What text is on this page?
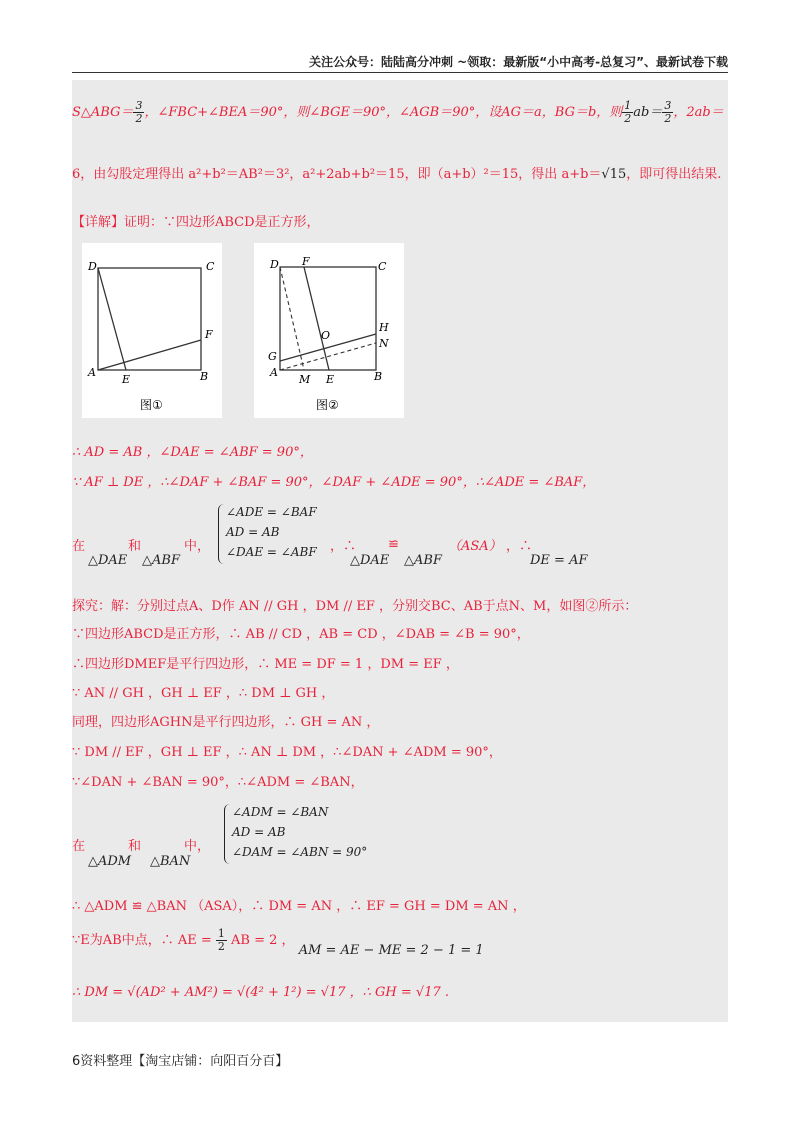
关注公众号：陆陆高分冲刺 ~领取：最新版“小中高考-总复习”、最新试卷下载
S△ABG＝ $\frac{3}{2}$ ，∠FBC+∠BEA＝90°，则∠BGE＝90°，∠AGB＝90°，设AG＝a，BG＝b，则 $\frac{1}{2} ab= \frac{3}{2}$ ，2ab＝
6，由勾股定理得出 a²+b²＝AB²＝3²，a²+2ab+b²＝15，即（a+b）²＝15，得出 a+b＝√15，即可得出结果.
【详解】证明：∵四边形ABCD是正方形，
D	C
F
A
E	B
图①
D F	C
H
O
N
G
A
M E	B
图②
∴ AD = AB ，∠DAE = ∠ABF = 90°，
∵ AF ⊥ DE ，∴∠DAF + ∠BAF = 90°，∠DAF + ∠ADE = 90°，∴∠ADE = ∠BAF，
在	和	中，
△DAE △ABF
∠ADE = ∠BAF
AD = AB
∠DAE = ∠ABF ，∴
△DAE
≌
△ABF
（ASA） ，∴
DE = AF
探究：解：分别过点A、D作 AN // GH ，DM // EF ，分别交BC、AB于点N、M，如图②所示：
∵四边形ABCD是正方形，∴ AB // CD ，AB = CD ，∠DAB = ∠B = 90°，
∴四边形DMEF是平行四边形，∴ ME = DF = 1 ，DM = EF ，
∵ AN // GH ，GH ⊥ EF ，∴ DM ⊥ GH ，
同理，四边形AGHN是平行四边形，∴ GH = AN ，
∵ DM // EF ，GH ⊥ EF ，∴ AN ⊥ DM ，∴∠DAN + ∠ADM = 90°，
∵∠DAN + ∠BAN = 90°，∴∠ADM = ∠BAN，
在	和	中，
△ADM △BAN
∠ADM = ∠BAN
AD = AB
∠DAM = ∠ABN = 90°
∴ △ADM ≌ △BAN （ASA），∴ DM = AN ，∴ EF = GH = DM = AN ，
∵E为AB中点，∴ AE = $\frac{1}{2}$ AB = 2 ， AM = AE − ME = 2 − 1 = 1
∴ DM = √(AD² + AM²) = √(4² + 1²) = √17 ，∴ GH = √17 .
6资料整理【淘宝店铺：向阳百分百】
